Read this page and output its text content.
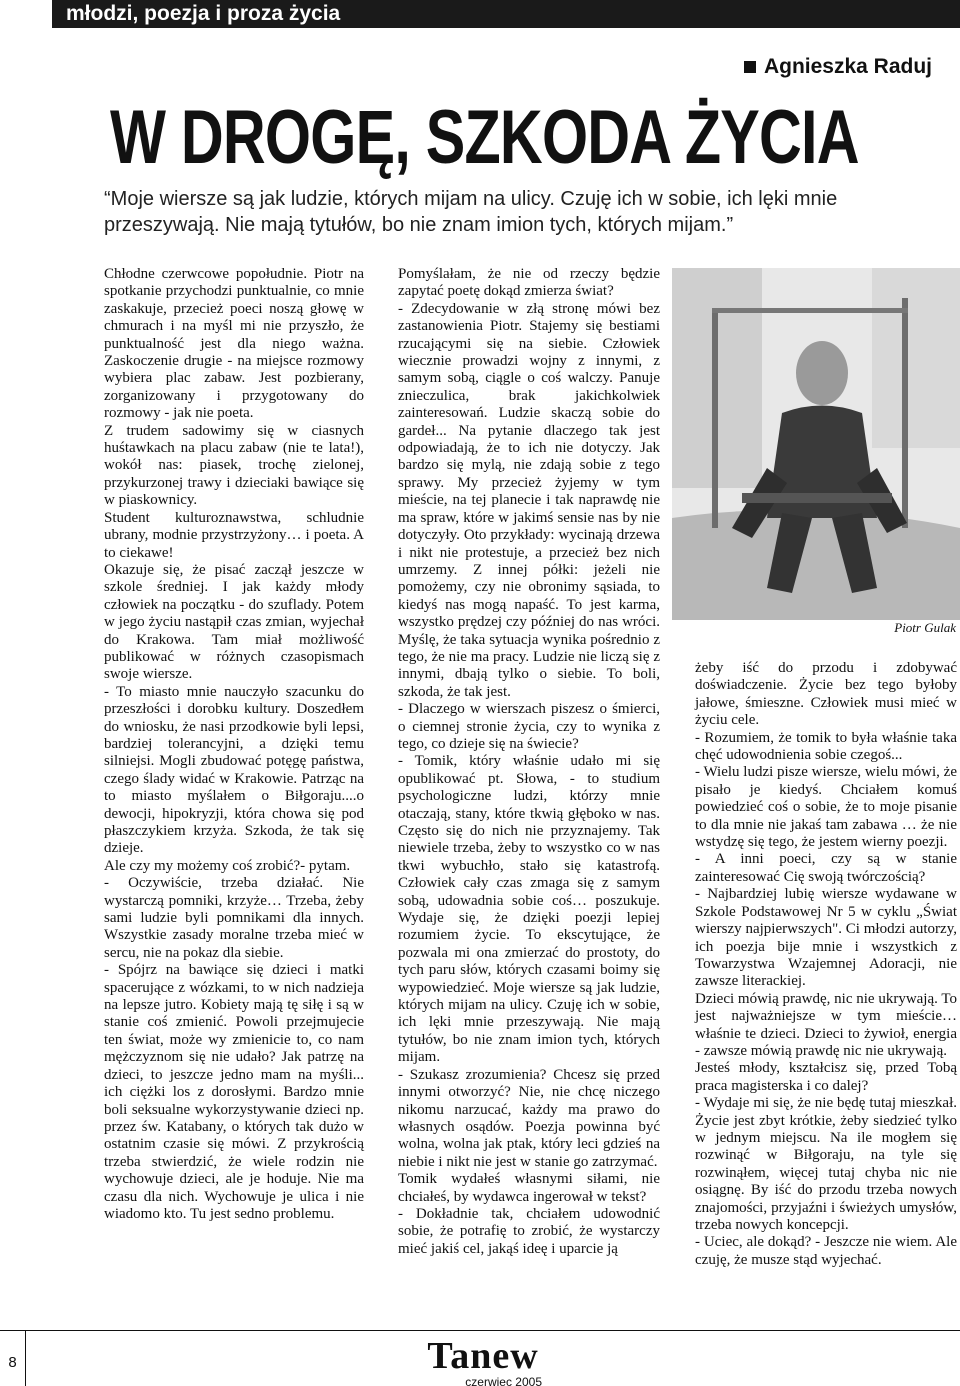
młodzi, poezja i proza życia
Agnieszka Raduj
W DROGĘ, SZKODA ŻYCIA
“Moje wiersze są jak ludzie, których mijam na ulicy. Czuję ich w sobie, ich lęki mnie przeszywają. Nie mają tytułów, bo nie znam imion tych, których mijam.”

Chłodne czerwcowe popołudnie. Piotr na spotkanie przychodzi punktualnie, co mnie zaskakuje, przecież poeci noszą głowę w chmurach i na myśl mi nie przyszło, że punktualność jest dla niego ważna. Zaskoczenie drugie - na miejsce rozmowy wybiera plac zabaw. Jest pozbierany, zorganizowany i przygotowany do rozmowy - jak nie poeta.

Z trudem sadowimy się w ciasnych huśtawkach na placu zabaw (nie te lata!), wokół nas: piasek, trochę zielonej, przykurzonej trawy i dzieciaki bawiące się w piaskownicy.

Student kulturoznawstwa, schludnie ubrany, modnie przystrzyżony… i poeta. A to ciekawe!

Okazuje się, że pisać zaczął jeszcze w szkole średniej. I jak każdy młody człowiek na początku - do szuflady. Potem w jego życiu nastąpił czas zmian, wyjechał do Krakowa. Tam miał możliwość publikować w różnych czasopismach swoje wiersze.

- To miasto mnie nauczyło szacunku do przeszłości i dorobku kultury. Doszedłem do wniosku, że nasi przodkowie byli lepsi, bardziej tolerancyjni, a dzięki temu silniejsi. Mogli zbudować potęgę państwa, czego ślady widać w Krakowie. Patrząc na to miasto myślałem o Biłgoraju....o dewocji, hipokryzji, która chowa się pod płaszczykiem krzyża. Szkoda, że tak się dzieje.

Ale czy my możemy coś zrobić?- pytam.

- Oczywiście, trzeba działać. Nie wystarczą pomniki, krzyże… Trzeba, żeby sami ludzie byli pomnikami dla innych. Wszystkie zasady moralne trzeba mieć w sercu, nie na pokaz dla siebie.

- Spójrz na bawiące się dzieci i matki spacerujące z wózkami, to w nich nadzieja na lepsze jutro. Kobiety mają tę siłę i są w stanie coś zmienić. Powoli przejmujecie ten świat, może wy zmienicie to, co nam mężczyznom się nie udało? Jak patrzę na dzieci, to jeszcze jedno mam na myśli... ich ciężki los z dorosłymi. Bardzo mnie boli seksualne wykorzystywanie dzieci np. przez św. Katabany, o których tak dużo w ostatnim czasie się mówi. Z przykrością trzeba stwierdzić, że wiele rodzin nie wychowuje dzieci, ale je hoduje. Nie ma czasu dla nich. Wychowuje je ulica i nie wiadomo kto. Tu jest sedno problemu.

Pomyślałam, że nie od rzeczy będzie zapytać poetę dokąd zmierza świat?

- Zdecydowanie w złą stronę mówi bez zastanowienia Piotr. Stajemy się bestiami rzucającymi się na siebie. Człowiek wiecznie prowadzi wojny z innymi, z samym sobą, ciągle o coś walczy. Panuje znieczulica, brak jakichkolwiek zainteresowań. Ludzie skaczą sobie do gardeł... Na pytanie dlaczego tak jest odpowiadają, że to ich nie dotyczy. Jak bardzo się mylą, nie zdają sobie z tego sprawy. My przecież żyjemy w tym mieście, na tej planecie i tak naprawdę nie ma spraw, które w jakimś sensie nas by nie dotyczyły. Oto przykłady: wycinają drzewa i nikt nie protestuje, a przecież bez nich umrzemy. Z innej półki: jeżeli nie pomożemy, czy nie obronimy sąsiada, to kiedyś nas mogą napaść. To jest karma, wszystko prędzej czy później do nas wróci. Myślę, że taka sytuacja wynika pośrednio z tego, że nie ma pracy. Ludzie nie liczą się z innymi, dbają tylko o siebie. To boli, szkoda, że tak jest.

- Dlaczego w wierszach piszesz o śmierci, o ciemnej stronie życia, czy to wynika z tego, co dzieje się na świecie?

- Tomik, który właśnie udało mi się opublikować pt. Słowa, - to studium psychologiczne ludzi, którzy mnie otaczają, stany, które tkwią głęboko w nas. Często się do nich nie przyznajemy. Tak niewiele trzeba, żeby to wszystko co w nas tkwi wybuchło, stało się katastrofą. Człowiek cały czas zmaga się z samym sobą, udowadnia sobie coś… poszukuje. Wydaje się, że dzięki poezji lepiej rozumiem życie. To ekscytujące, że pozwala mi ona zmierzać do prostoty, do tych paru słów, których czasami boimy się wypowiedzieć. Moje wiersze są jak ludzie, których mijam na ulicy. Czuję ich w sobie, ich lęki mnie przeszywają. Nie mają tytułów, bo nie znam imion tych, których mijam.

- Szukasz zrozumienia? Chcesz się przed innymi otworzyć? Nie, nie chcę niczego nikomu narzucać, każdy ma prawo do własnych osądów. Poezja powinna być wolna, wolna jak ptak, który leci gdzieś na niebie i nikt nie jest w stanie go zatrzymać.

Tomik wydałeś własnymi siłami, nie chciałeś, by wydawca ingerował w tekst?

- Dokładnie tak, chciałem udowodnić sobie, że potrafię to zrobić, że wystarczy mieć jakiś cel, jakąś ideę i uparcie ją

Piotr Gulak

żeby iść do przodu i zdobywać doświadczenie. Życie bez tego byłoby jałowe, śmieszne. Człowiek musi mieć w życiu cele.

- Rozumiem, że tomik to była właśnie taka chęć udowodnienia sobie czegoś...

- Wielu ludzi pisze wiersze, wielu mówi, że pisało je kiedyś. Chciałem komuś powiedzieć coś o sobie, że to moje pisanie to dla mnie nie jakaś tam zabawa … że nie wstydzę się tego, że jestem wierny poezji.

- A inni poeci, czy są w stanie zainteresować Cię swoją twórczością?

- Najbardziej lubię wiersze wydawane w Szkole Podstawowej Nr 5 w cyklu „Świat wierszy najpierwszych". Ci młodzi autorzy, ich poezja bije mnie i wszystkich z Towarzystwa Wzajemnej Adoracji, nie zawsze literackiej.

Dzieci mówią prawdę, nic nie ukrywają. To jest najważniejsze w tym mieście… właśnie te dzieci. Dzieci to żywioł, energia - zawsze mówią prawdę nic nie ukrywają.

Jesteś młody, kształcisz się, przed Tobą praca magisterska i co dalej?

- Wydaje mi się, że nie będę tutaj mieszkał. Życie jest zbyt krótkie, żeby siedzieć tylko w jednym miejscu. Na ile mogłem się rozwinąć w Biłgoraju, na tyle się rozwinąłem, więcej tutaj chyba nic nie osiągnę. By iść do przodu trzeba nowych znajomości, przyjaźni i świeżych umysłów, trzeba nowych koncepcji.

- Uciec, ale dokąd? - Jeszcze nie wiem. Ale czuję, że musze stąd wyjechać.

8	Tanew
czerwiec 2005
